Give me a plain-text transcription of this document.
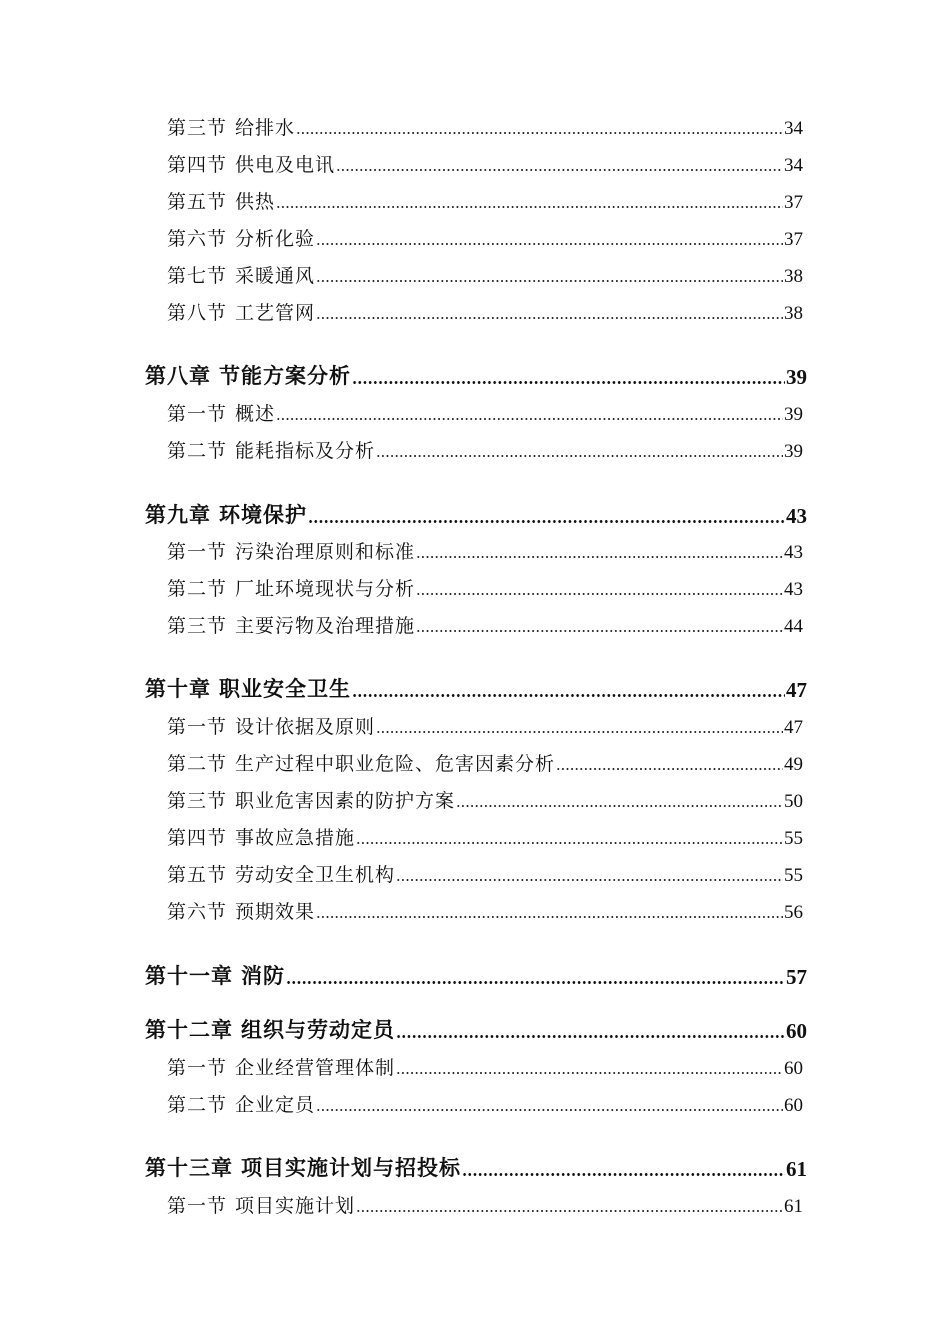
第三节 给排水	34
第四节 供电及电讯	34
第五节 供热	37
第六节 分析化验	37
第七节 采暖通风	38
第八节 工艺管网	38
第八章 节能方案分析	39
第一节 概述	39
第二节 能耗指标及分析	39
第九章 环境保护	43
第一节 污染治理原则和标准	43
第二节 厂址环境现状与分析	43
第三节 主要污物及治理措施	44
第十章 职业安全卫生	47
第一节 设计依据及原则	47
第二节 生产过程中职业危险、危害因素分析	49
第三节 职业危害因素的防护方案	50
第四节 事故应急措施	55
第五节 劳动安全卫生机构	55
第六节 预期效果	56
第十一章 消防	57
第十二章 组织与劳动定员	60
第一节 企业经营管理体制	60
第二节 企业定员	60
第十三章 项目实施计划与招投标	61
第一节 项目实施计划	61
